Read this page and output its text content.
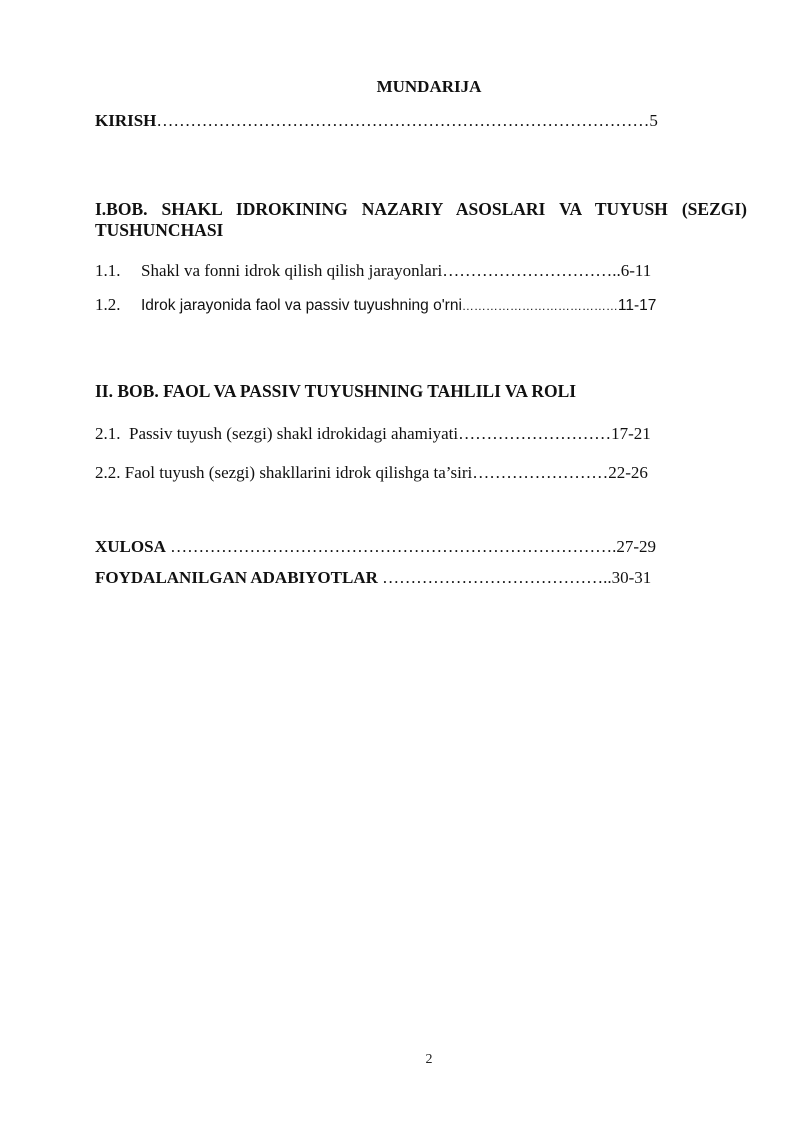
MUNDARIJA
KIRISH……………………………………………………………………………5
I.BOB. SHAKL IDROKINING NAZARIY ASOSLARI VA TUYUSH (SEZGI)
TUSHUNCHASI
1.1. Shakl va fonni idrok qilish qilish jarayonlari…………………………..6-11
1.2. Idrok jarayonida faol va passiv tuyushning o'rni…………………………………11-17
II. BOB. FAOL VA PASSIV TUYUSHNING TAHLILI VA ROLI
2.1. Passiv tuyush (sezgi) shakl idrokidagi ahamiyati………………………17-21
2.2. Faol tuyush (sezgi) shakllarini idrok qilishga ta’siri……………………22-26
XULOSA …………………………………………………………………….27-29
FOYDALANILGAN ADABIYOTLAR …………………………………..30-31
2
